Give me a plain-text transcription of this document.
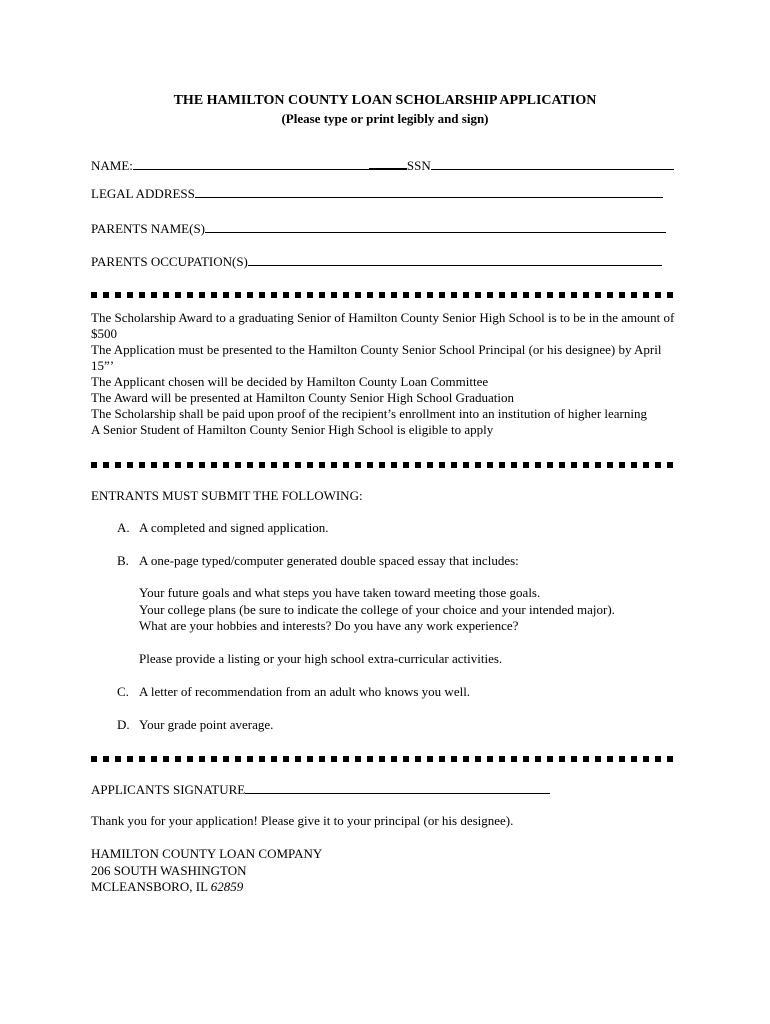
THE HAMILTON COUNTY LOAN SCHOLARSHIP APPLICATION
(Please type or print legibly and sign)
NAME:	SSN
LEGAL ADDRESS
PARENTS NAME(S)
PARENTS OCCUPATION(S)

The Scholarship Award to a graduating Senior of Hamilton County Senior High School is to be in the amount of $500

The Application must be presented to the Hamilton County Senior School Principal (or his designee) by April 15”’

The Applicant chosen will be decided by Hamilton County Loan Committee

The Award will be presented at Hamilton County Senior High School Graduation

The Scholarship shall be paid upon proof of the recipient’s enrollment into an institution of higher learning

A Senior Student of Hamilton County Senior High School is eligible to apply

ENTRANTS MUST SUBMIT THE FOLLOWING:
A. A completed and signed application.
B. A one-page typed/computer generated double spaced essay that includes:

Your future goals and what steps you have taken toward meeting those goals.

Your college plans (be sure to indicate the college of your choice and your intended major).

What are your hobbies and interests? Do you have any work experience?

Please provide a listing or your high school extra-curricular activities.
C. A letter of recommendation from an adult who knows you well.
D. Your grade point average.
APPLICANTS SIGNATURE
Thank you for your application! Please give it to your principal (or his designee).

HAMILTON COUNTY LOAN COMPANY

206 SOUTH WASHINGTON

MCLEANSBORO, IL 62859
